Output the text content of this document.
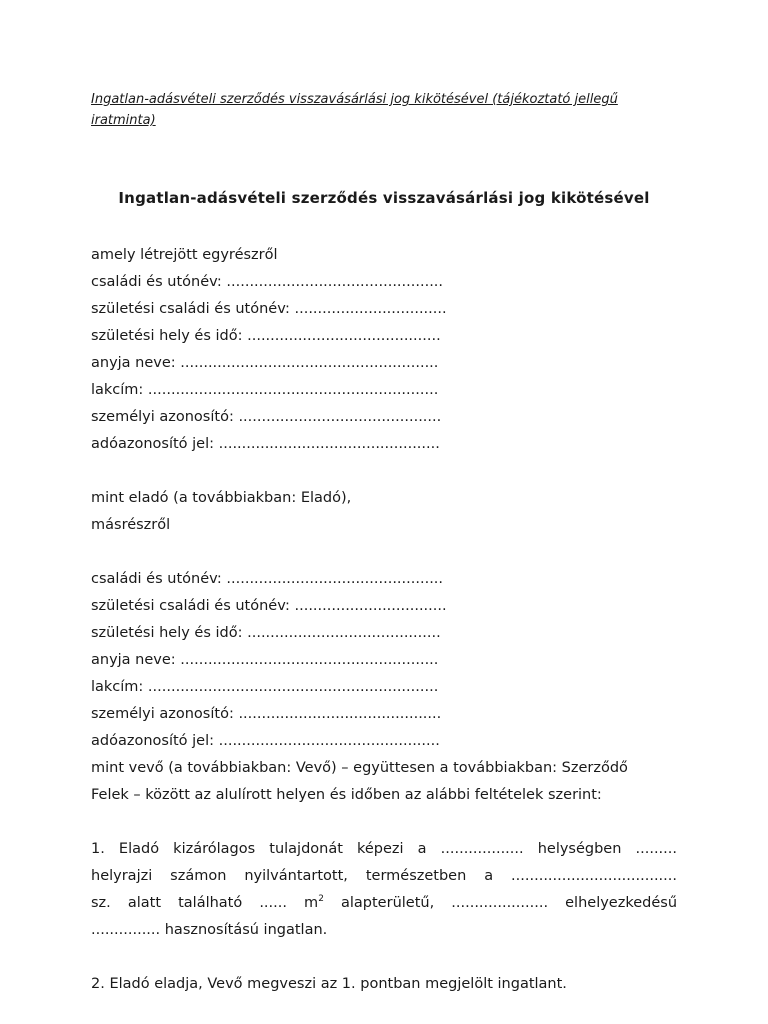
Ingatlan-adásvételi szerződés visszavásárlási jog kikötésével (tájékoztató jellegű iratminta)
Ingatlan-adásvételi szerződés visszavásárlási jog kikötésével
amely létrejött egyrészről
családi és utónév: ...............................................
születési családi és utónév: .................................
születési hely és idő: ..........................................
anyja neve: ........................................................
lakcím: ...............................................................
személyi azonosító: ............................................
adóazonosító jel: ................................................
mint eladó (a továbbiakban: Eladó),
másrészről
családi és utónév: ...............................................
születési családi és utónév: .................................
születési hely és idő: ..........................................
anyja neve: ........................................................
lakcím: ...............................................................
személyi azonosító: ............................................
adóazonosító jel: ................................................
mint vevő (a továbbiakban: Vevő) – együttesen a továbbiakban: Szerződő
Felek – között az alulírott helyen és időben az alábbi feltételek szerint:
1. Eladó kizárólagos tulajdonát képezi a .................. helységben .........
helyrajzi számon nyilvántartott, természetben a ....................................
sz. alatt található ...... $m^2$ alapterületű, ..................... elhelyezkedésű
............... hasznosítású ingatlan.
2. Eladó eladja, Vevő megveszi az 1. pontban megjelölt ingatlant.
